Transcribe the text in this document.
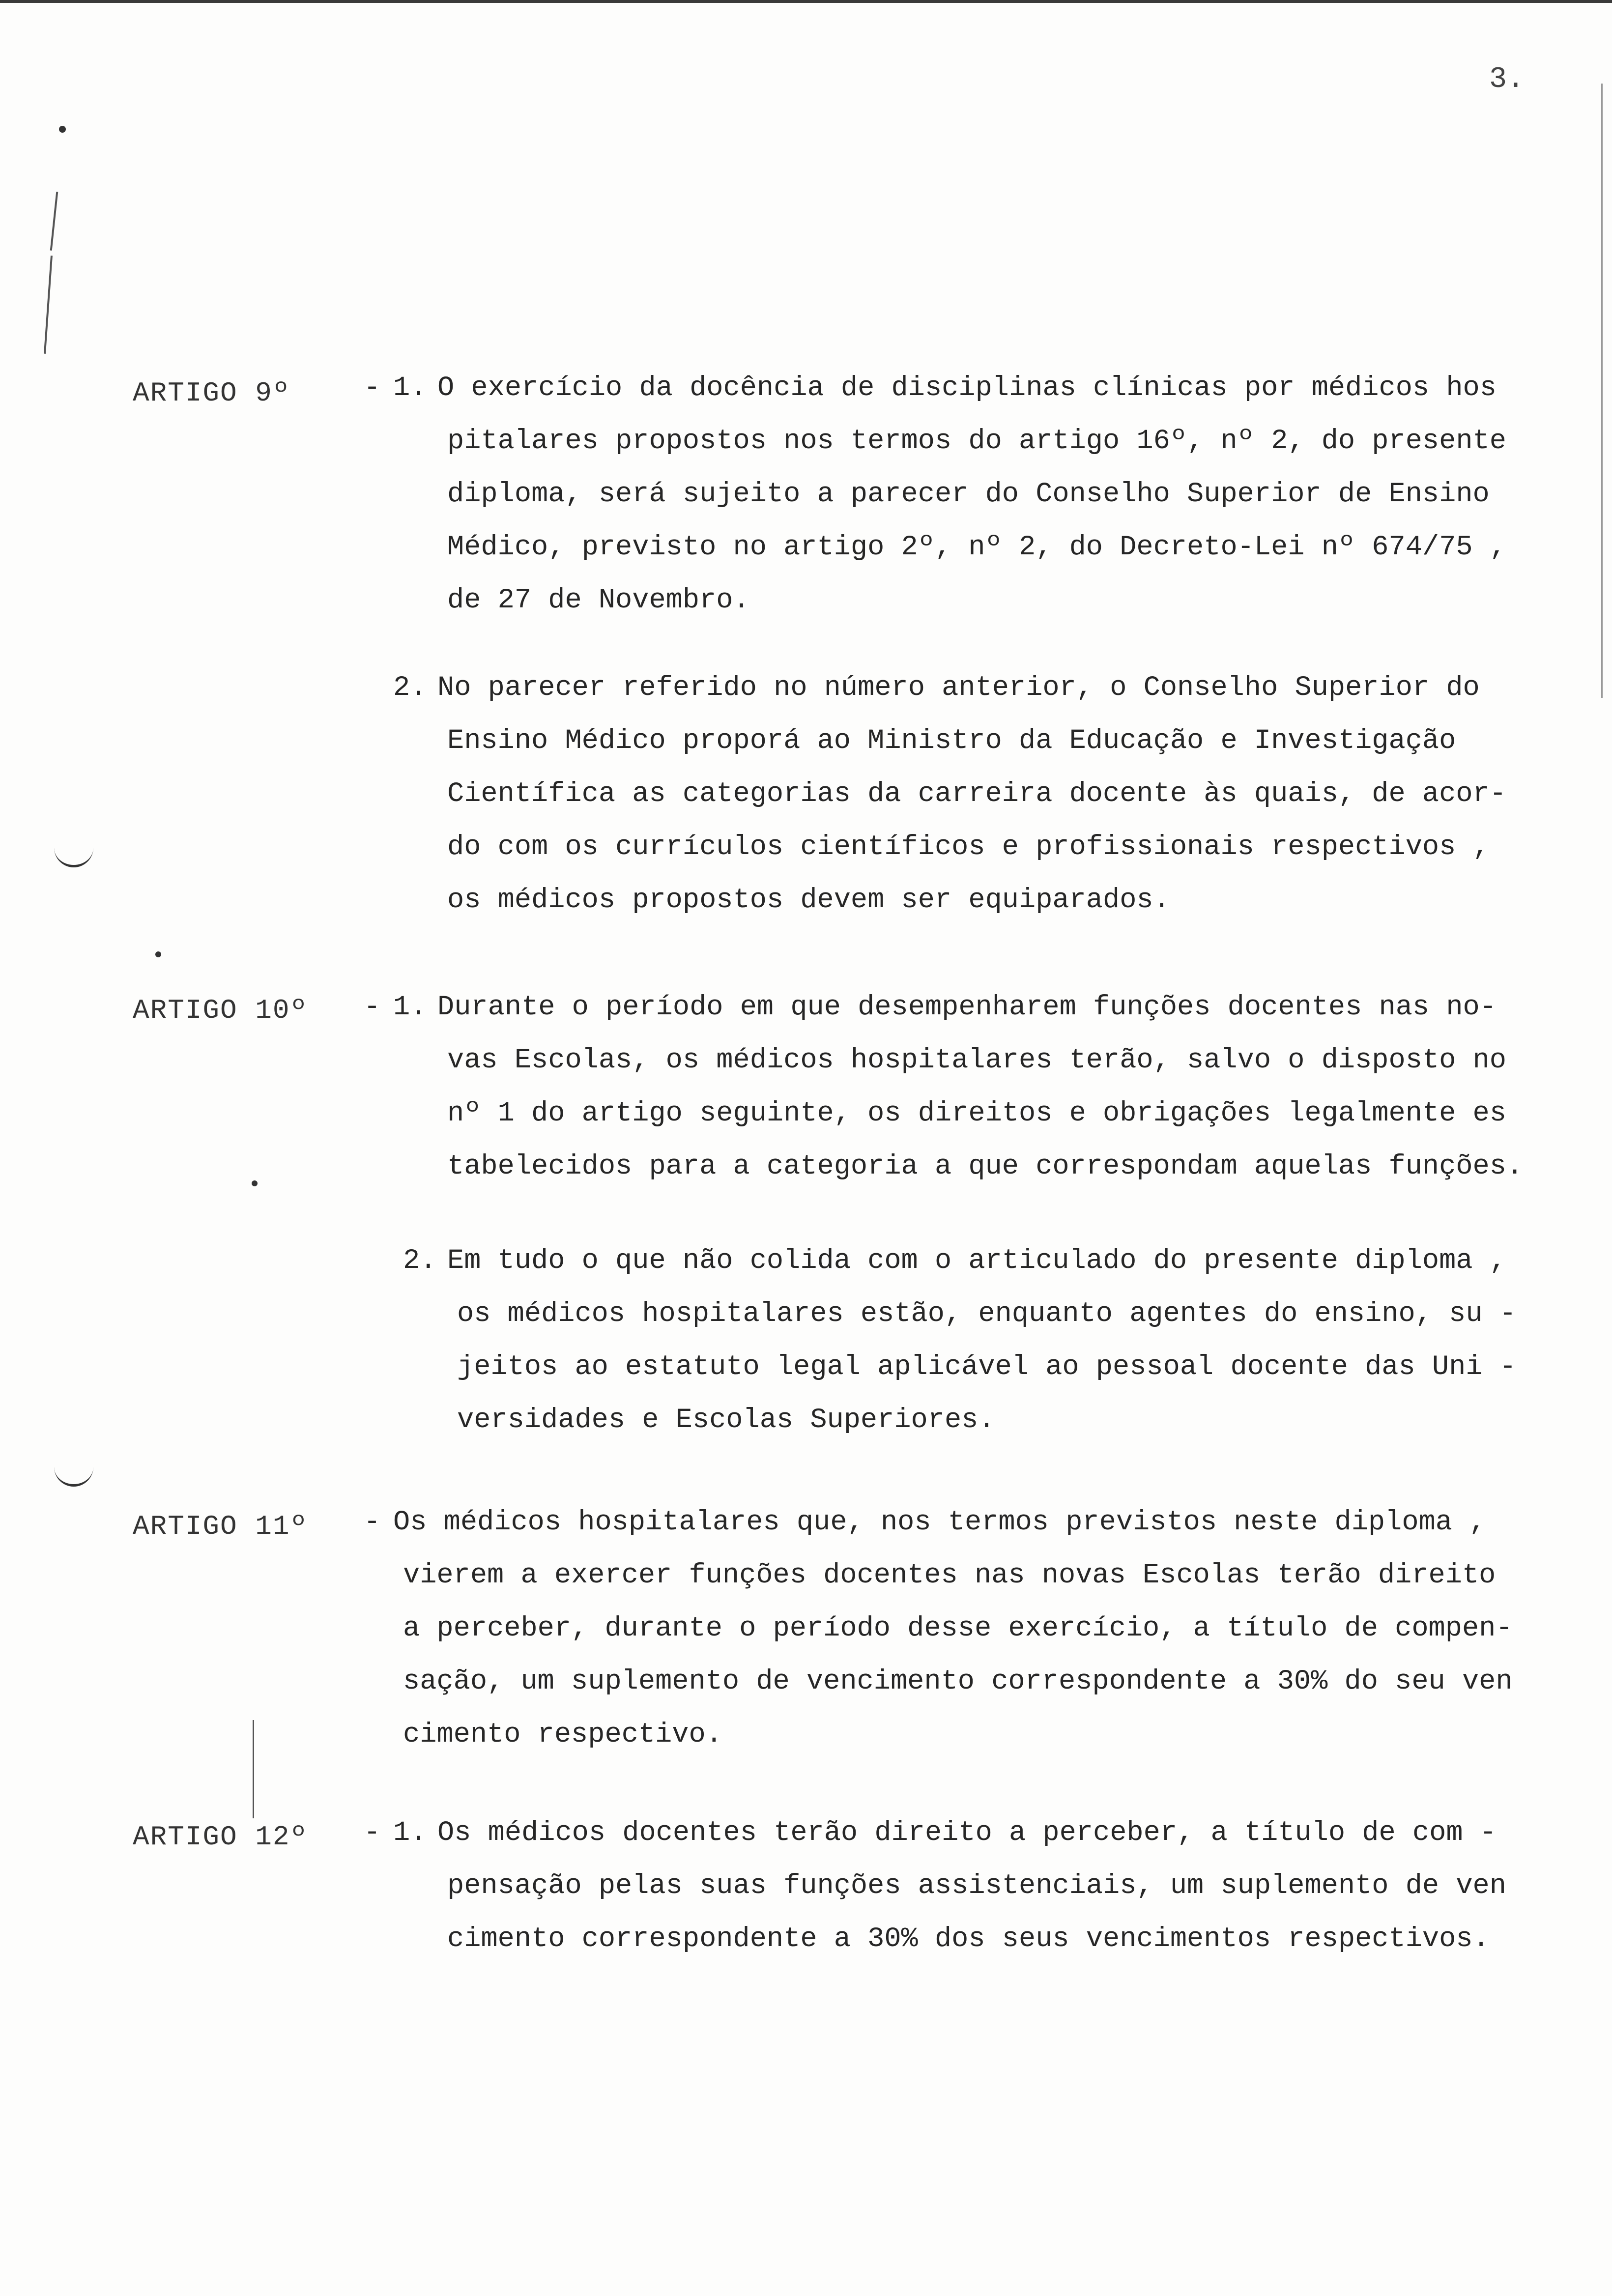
3.
ARTIGO 9º	- 1. O exercício da docência de disciplinas clínicas por médicos hos
pitalares propostos nos termos do artigo 16º, nº 2, do presente
diploma, será sujeito a parecer do Conselho Superior de Ensino
Médico, previsto no artigo 2º, nº 2, do Decreto-Lei nº 674/75 ,
de 27 de Novembro.
2. No parecer referido no número anterior, o Conselho Superior do
Ensino Médico proporá ao Ministro da Educação e Investigação
Científica as categorias da carreira docente às quais, de acor-
do com os currículos científicos e profissionais respectivos ,
os médicos propostos devem ser equiparados.
ARTIGO 10º - 1. Durante o período em que desempenharem funções docentes nas no-
vas Escolas, os médicos hospitalares terão, salvo o disposto no
nº 1 do artigo seguinte, os direitos e obrigações legalmente es
tabelecidos para a categoria a que correspondam aquelas funções.
2. Em tudo o que não colida com o articulado do presente diploma ,
os médicos hospitalares estão, enquanto agentes do ensino, su -
jeitos ao estatuto legal aplicável ao pessoal docente das Uni -
versidades e Escolas Superiores.
ARTIGO 11º - Os médicos hospitalares que, nos termos previstos neste diploma ,
vierem a exercer funções docentes nas novas Escolas terão direito
a perceber, durante o período desse exercício, a título de compen-
sação, um suplemento de vencimento correspondente a 30% do seu ven
cimento respectivo.
ARTIGO 12º - 1. Os médicos docentes terão direito a perceber, a título de com -
pensação pelas suas funções assistenciais, um suplemento de ven
cimento correspondente a 30% dos seus vencimentos respectivos.
